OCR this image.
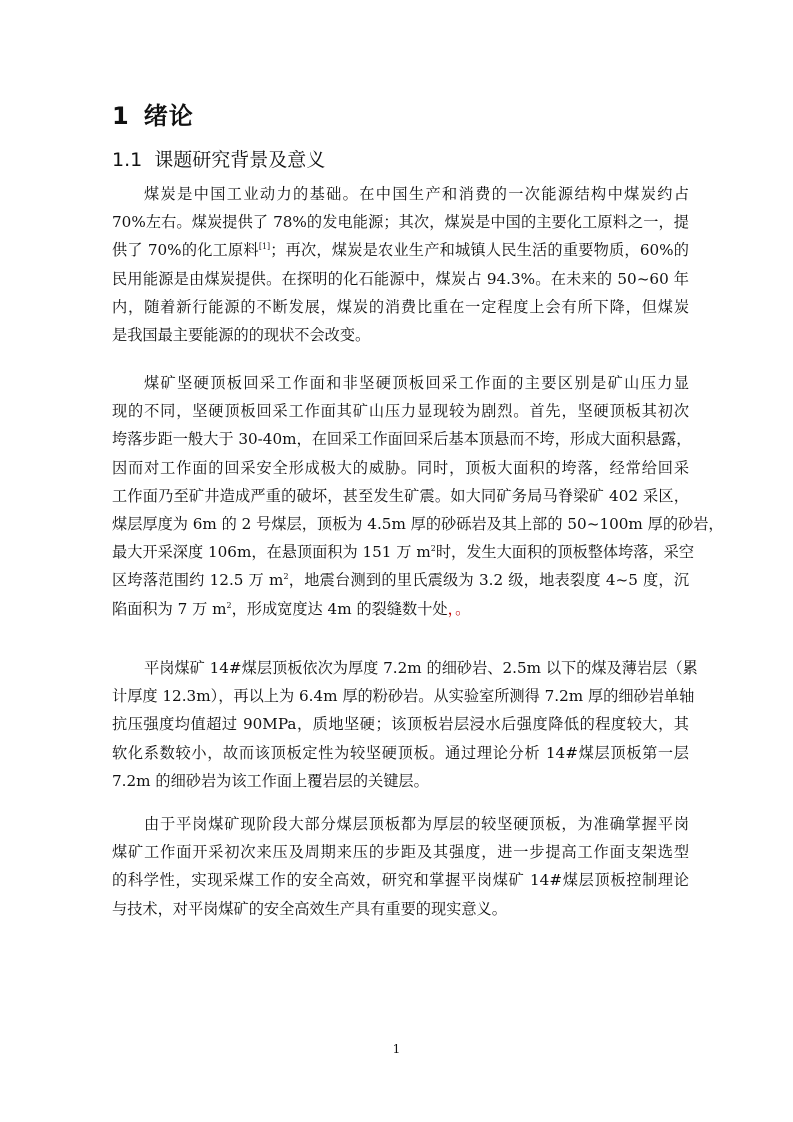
1 绪论
1.1 课题研究背景及意义

煤炭是中国工业动力的基础。在中国生产和消费的一次能源结构中煤炭约占
70%左右。煤炭提供了 78%的发电能源；其次，煤炭是中国的主要化工原料之一，提
供了 70%的化工原料[1]；再次，煤炭是农业生产和城镇人民生活的重要物质，60%的
民用能源是由煤炭提供。在探明的化石能源中，煤炭占 94.3%。在未来的 50~60 年
内，随着新行能源的不断发展，煤炭的消费比重在一定程度上会有所下降，但煤炭
是我国最主要能源的的现状不会改变。

煤矿坚硬顶板回采工作面和非坚硬顶板回采工作面的主要区别是矿山压力显
现的不同，坚硬顶板回采工作面其矿山压力显现较为剧烈。首先，坚硬顶板其初次
垮落步距一般大于 30-40m，在回采工作面回采后基本顶悬而不垮，形成大面积悬露，
因而对工作面的回采安全形成极大的威胁。同时，顶板大面积的垮落，经常给回采
工作面乃至矿井造成严重的破坏，甚至发生矿震。如大同矿务局马脊梁矿 402 采区，
煤层厚度为 6m 的 2 号煤层，顶板为 4.5m 厚的砂砾岩及其上部的 50~100m 厚的砂岩，
最大开采深度 106m，在悬顶面积为 151 万 $m^2$时，发生大面积的顶板整体垮落，采空
区垮落范围约 12.5 万 $m^2$，地震台测到的里氏震级为 3.2 级，地表裂度 4~5 度，沉
陷面积为 7 万 $m^2$，形成宽度达 4m 的裂缝数十处，。

平岗煤矿 14#煤层顶板依次为厚度 7.2m 的细砂岩、2.5m 以下的煤及薄岩层（累
计厚度 12.3m），再以上为 6.4m 厚的粉砂岩。从实验室所测得 7.2m 厚的细砂岩单轴
抗压强度均值超过 90MPa，质地坚硬；该顶板岩层浸水后强度降低的程度较大，其
软化系数较小，故而该顶板定性为较坚硬顶板。通过理论分析 14#煤层顶板第一层
7.2m 的细砂岩为该工作面上覆岩层的关键层。

由于平岗煤矿现阶段大部分煤层顶板都为厚层的较坚硬顶板，为准确掌握平岗
煤矿工作面开采初次来压及周期来压的步距及其强度，进一步提高工作面支架选型
的科学性，实现采煤工作的安全高效，研究和掌握平岗煤矿 14#煤层顶板控制理论
与技术，对平岗煤矿的安全高效生产具有重要的现实意义。

1
